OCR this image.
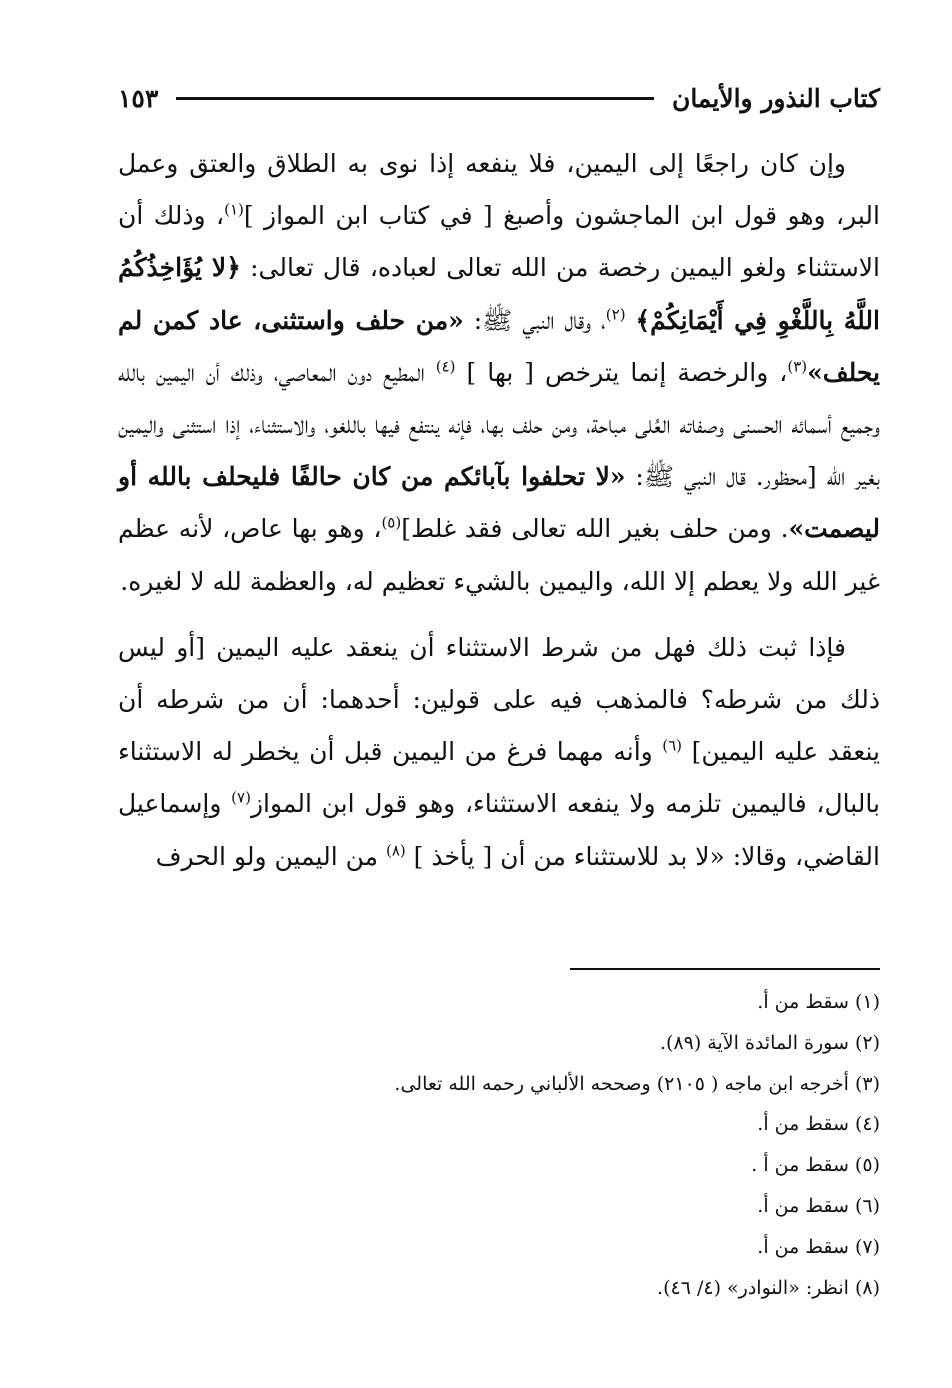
كتاب النذور والأيمان
١٥٣

وإن كان راجعًا إلى اليمين، فلا ينفعه إذا نوى به الطلاق والعتق وعمل البر، وهو قول ابن الماجشون وأصبغ [ في كتاب ابن المواز ]$^{(١)}$، وذلك أن الاستثناء ولغو اليمين رخصة من الله تعالى لعباده، قال تعالى: ﴿لا يُؤَاخِذُكُمُ اللَّهُ بِاللَّغْوِ فِي أَيْمَانِكُمْ﴾ $^{(٢)}$، وقال النبي ﷺ: «من حلف واستثنى، عاد كمن لم يحلف»$^{(٣)}$، والرخصة إنما يترخص [ بها ] $^{(٤)}$ المطيع دون المعاصي، وذلك أن اليمين بالله وجميع أسمائه الحسنى وصفاته العُلى مباحة، ومن حلف بها، فإنه ينتفع فيها باللغو، والاستثناء، إذا استثنى واليمين بغير الله [محظور. قال النبي ﷺ: «لا تحلفوا بآبائكم من كان حالفًا فليحلف بالله أو ليصمت». ومن حلف بغير الله تعالى فقد غلط]$^{(٥)}$، وهو بها عاص، لأنه عظم غير الله ولا يعطم إلا الله، واليمين بالشيء تعظيم له، والعظمة لله لا لغيره.

فإذا ثبت ذلك فهل من شرط الاستثناء أن ينعقد عليه اليمين [أو ليس ذلك من شرطه؟ فالمذهب فيه على قولين: أحدهما: أن من شرطه أن ينعقد عليه اليمين] $^{(٦)}$ وأنه مهما فرغ من اليمين قبل أن يخطر له الاستثناء بالبال، فاليمين تلزمه ولا ينفعه الاستثناء، وهو قول ابن المواز$^{(٧)}$ وإسماعيل القاضي، وقالا: «لا بد للاستثناء من أن [ يأخذ ] $^{(٨)}$ من اليمين ولو الحرف

(١) سقط من أ.
(٢) سورة المائدة الآية (٨٩).
(٣) أخرجه ابن ماجه ( ٢١٠٥) وصححه الألباني رحمه الله تعالى.
(٤) سقط من أ.
(٥) سقط من أ .
(٦) سقط من أ.
(٧) سقط من أ.
(٨) انظر: «النوادر» (٤/ ٤٦).
